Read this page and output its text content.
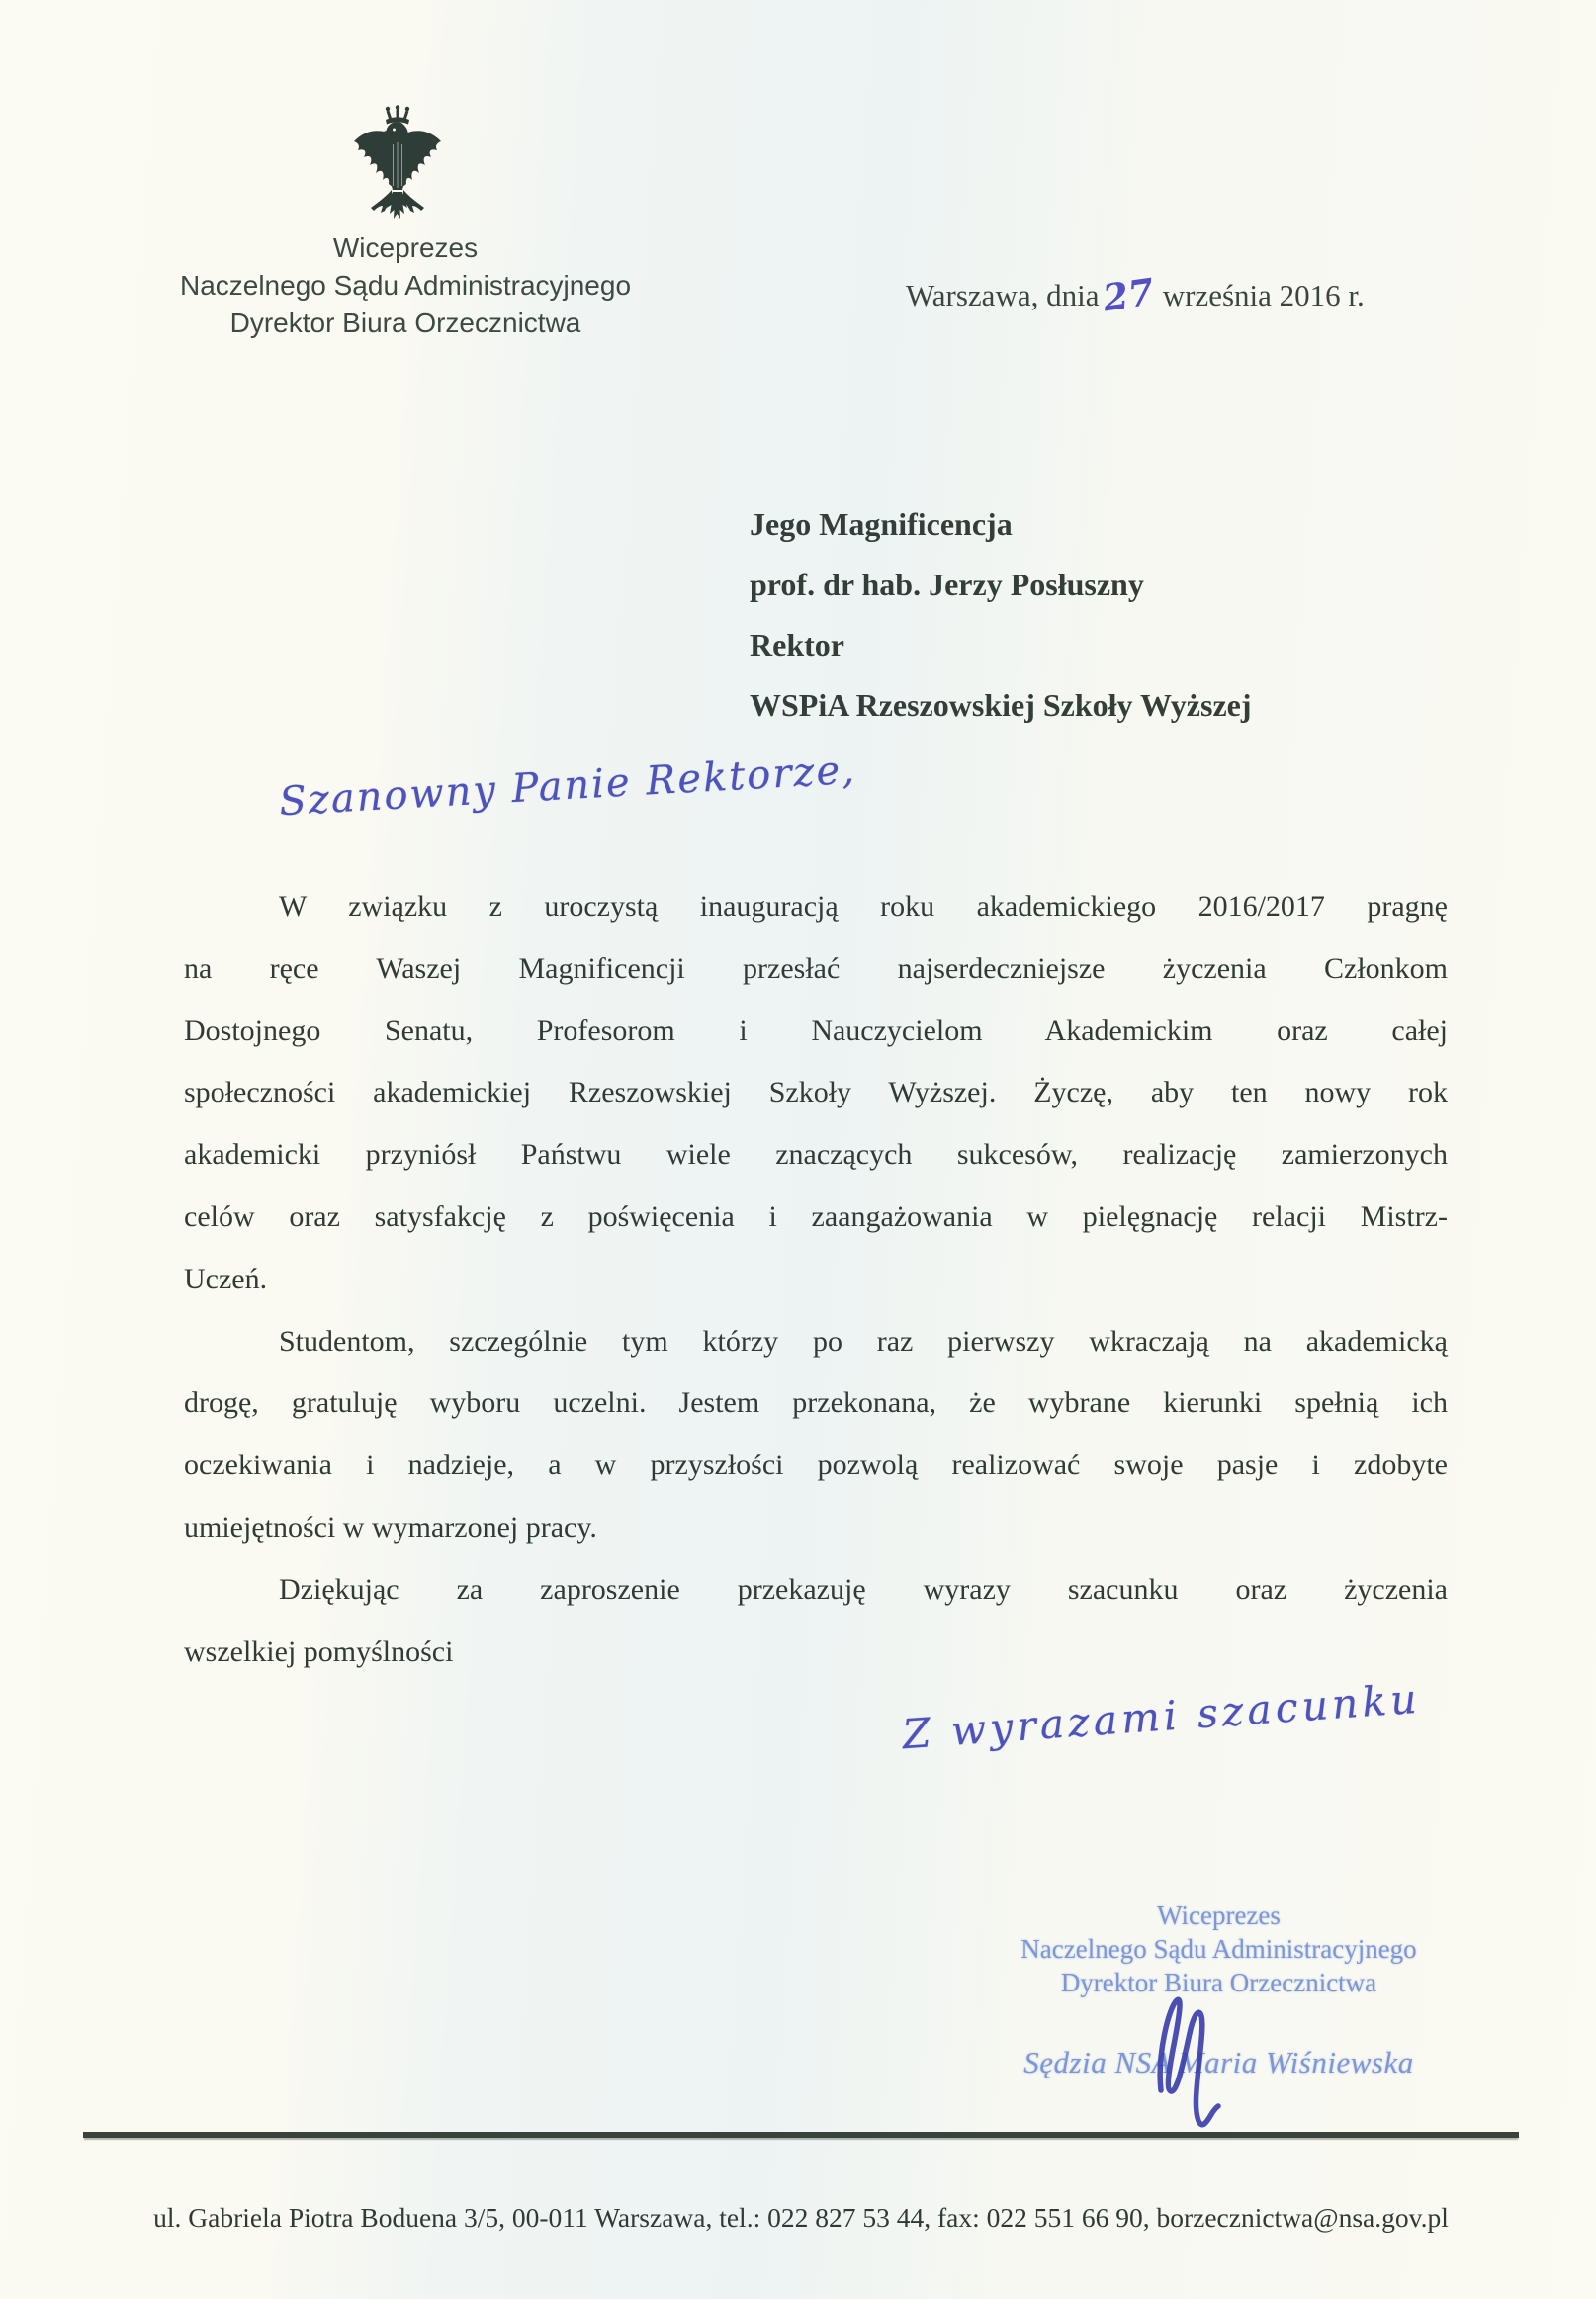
Wiceprezes
Naczelnego Sądu Administracyjnego
Dyrektor Biura Orzecznictwa
Warszawa, dnia27 września 2016 r.
Jego Magnificencja
prof. dr hab. Jerzy Posłuszny
Rektor
WSPiA Rzeszowskiej Szkoły Wyższej
Szanowny Panie Rektorze,
W związku z uroczystą inauguracją roku akademickiego 2016/2017 pragnę
na ręce Waszej Magnificencji przesłać najserdeczniejsze życzenia Członkom
Dostojnego Senatu, Profesorom i Nauczycielom Akademickim oraz całej
społeczności akademickiej Rzeszowskiej Szkoły Wyższej. Życzę, aby ten nowy rok
akademicki przyniósł Państwu wiele znaczących sukcesów, realizację zamierzonych
celów oraz satysfakcję z poświęcenia i zaangażowania w pielęgnację relacji Mistrz-
Uczeń.
Studentom, szczególnie tym którzy po raz pierwszy wkraczają na akademicką
drogę, gratuluję wyboru uczelni. Jestem przekonana, że wybrane kierunki spełnią ich
oczekiwania i nadzieje, a w przyszłości pozwolą realizować swoje pasje i zdobyte
umiejętności w wymarzonej pracy.
Dziękując za zaproszenie przekazuję wyrazy szacunku oraz życzenia
wszelkiej pomyślności
Z wyrazami szacunku
Wiceprezes
Naczelnego Sądu Administracyjnego
Dyrektor Biura Orzecznictwa
Sędzia NSA Maria Wiśniewska
ul. Gabriela Piotra Boduena 3/5, 00-011 Warszawa, tel.: 022 827 53 44, fax: 022 551 66 90, borzecznictwa@nsa.gov.pl
